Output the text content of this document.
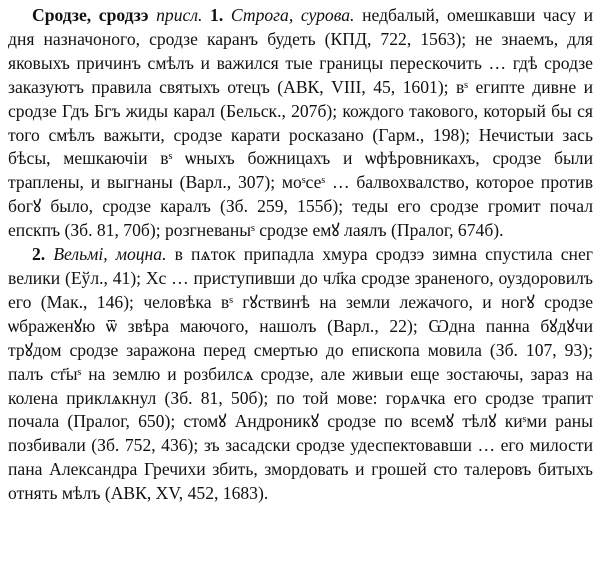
Сродзе, сродзэ присл. 1. Строга, сурова. недбалый, омешкавши часу и дня назначоного, сродзе каранъ будеть (КПД, 722, 1563); не знаемъ, для яковыхъ причинъ смѣлъ и важился тые границы перескочить … гдѣ сродзе заказуютъ правила святыхъ отецъ (АВК, VIII, 45, 1601); вˢ египте дивне и сродзе Гдъ Бгъ жиды карал (Бельск., 207б); кождого такового, который бы ся того смѣлъ важыти, сродзе карати росказано (Гарм., 198); Нечистыи зась бѣсы, мешкаючіи вˢ ѡныхъ божницахъ и ѡфѣровникахъ, сродзе были траплены, и выгнаны (Варл., 307); моˢсеˢ … балвохвалство, которое против богꙋ было, сродзе каралъ (Зб. 259, 155б); теды его сродзе громит почал епскпъ (Зб. 81, 70б); розгневаныˢ сродзе емꙋ лаялъ (Пралог, 674б).

2. Вельмі, моцна. в пѧток припадла хмура сродзэ зимна спустила снег велики (Еўл., 41); Хс … приступивши до чл҃ка сродзе зраненого, оуздоровилъ его (Мак., 146); человѣка вˢ гꙋствинѣ на земли лежачого, и ногꙋ сродзе ѡбраженꙋю ѿ звѣра маючого, нашолъ (Варл., 22); Ѡдна панна бꙋдꙋчи трꙋдом сродзе заражона перед смертью до епископа мовила (Зб. 107, 93); палъ ст҃ыˢ на землю и розбилсѧ сродзе, але живыи еще зостаючы, зараз на колена приклѧкнул (Зб. 81, 50б); по той мове: горѧчка его сродзе трапит почала (Пралог, 650); стомꙋ Андроникꙋ сродзе по всемꙋ тѣлꙋ киˢми раны позбивали (Зб. 752, 436); зъ засадски сродзе удеспектовавши … его милости пана Александра Гречихи збить, змордовать и грошей сто талеровъ битыхъ отнять мѣлъ (АВК, XV, 452, 1683).
